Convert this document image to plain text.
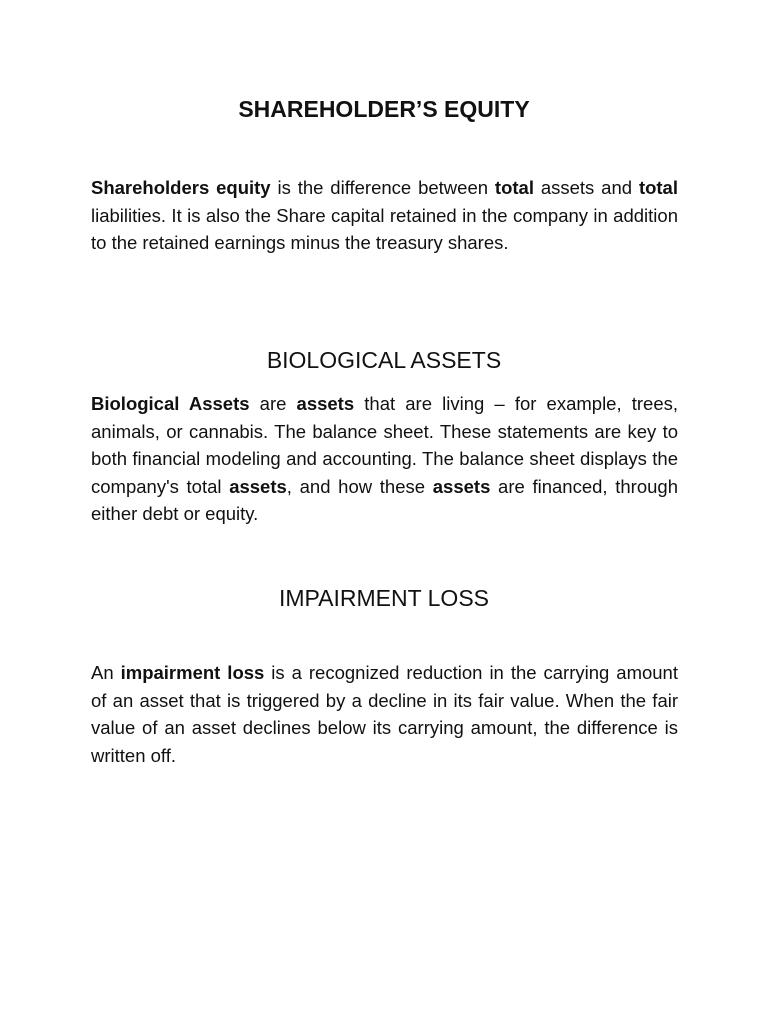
SHAREHOLDER’S EQUITY

Shareholders equity is the difference between total assets and total liabilities. It is also the Share capital retained in the company in addition to the retained earnings minus the treasury shares.

BIOLOGICAL ASSETS

Biological Assets are assets that are living – for example, trees, animals, or cannabis. The balance sheet. These statements are key to both financial modeling and accounting. The balance sheet displays the company's total assets, and how these assets are financed, through either debt or equity.

IMPAIRMENT LOSS

An impairment loss is a recognized reduction in the carrying amount of an asset that is triggered by a decline in its fair value. When the fair value of an asset declines below its carrying amount, the difference is written off.
